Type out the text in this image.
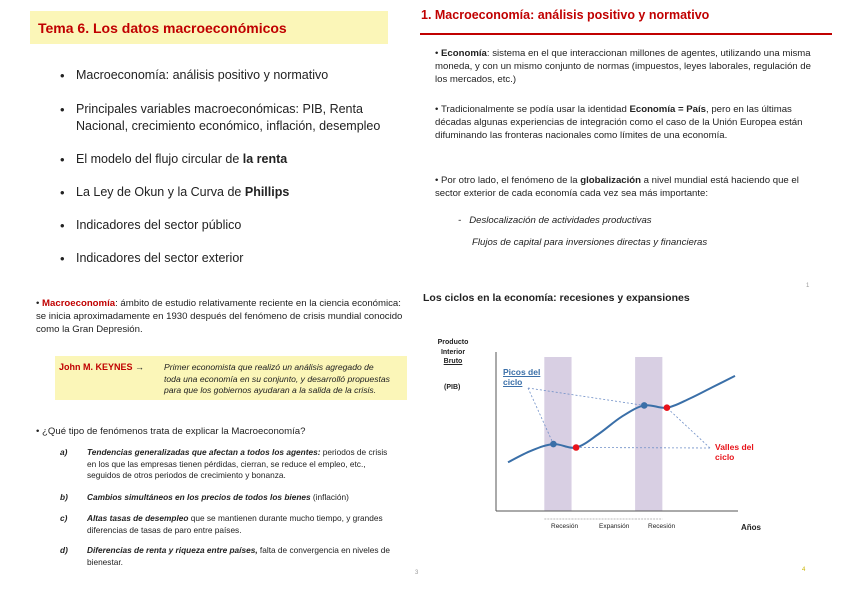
Tema 6. Los datos macroeconómicos
• Macroeconomía: análisis positivo y normativo
• Principales variables macroeconómicas: PIB, Renta
Nacional, crecimiento económico, inflación, desempleo
• El modelo del flujo circular de la renta
• La Ley de Okun y la Curva de Phillips
• Indicadores del sector público
• Indicadores del sector exterior
1. Macroeconomía: análisis positivo y normativo
• Economía: sistema en el que interaccionan millones de agentes, utilizando una misma moneda, y con un mismo conjunto de normas (impuestos, leyes laborales, regulación de los mercados, etc.)
• Tradicionalmente se podía usar la identidad Economía = País, pero en las últimas décadas algunas experiencias de integración como el caso de la Unión Europea están difuminando las fronteras nacionales como límites de una economía.
• Por otro lado, el fenómeno de la globalización a nivel mundial está haciendo que el sector exterior de cada economía cada vez sea más importante:
-   Deslocalización de actividades productivas
Flujos de capital para inversiones directas y financieras
1
• Macroeconomía: ámbito de estudio relativamente reciente en la ciencia económica: se inicia aproximadamente en 1930 después del fenómeno de crisis mundial conocido como la Gran Depresión.
John M. KEYNES → Primer economista que realizó un análisis agregado de
toda una economía en su conjunto, y desarrolló propuestas
para que los gobiernos ayudaran a la salida de la crisis.
• ¿Qué tipo de fenómenos trata de explicar la Macroeconomía?
a) Tendencias generalizadas que afectan a todos los agentes: periodos de crisis en los que las empresas tienen pérdidas, cierran, se reduce el empleo, etc., seguidos de otros periodos de crecimiento y bonanza.
b) Cambios simultáneos en los precios de todos los bienes (inflación)
c) Altas tasas de desempleo que se mantienen durante mucho tiempo, y grandes diferencias de tasas de paro entre países.
d) Diferencias de renta y riqueza entre países, falta de convergencia en niveles de bienestar.
3
Los ciclos en la economía: recesiones y expansiones
Producto
Interior
Bruto
(PIB)
Picos del
ciclo
Valles del
ciclo
Recesión	Expansión	Recesión	Años
4
